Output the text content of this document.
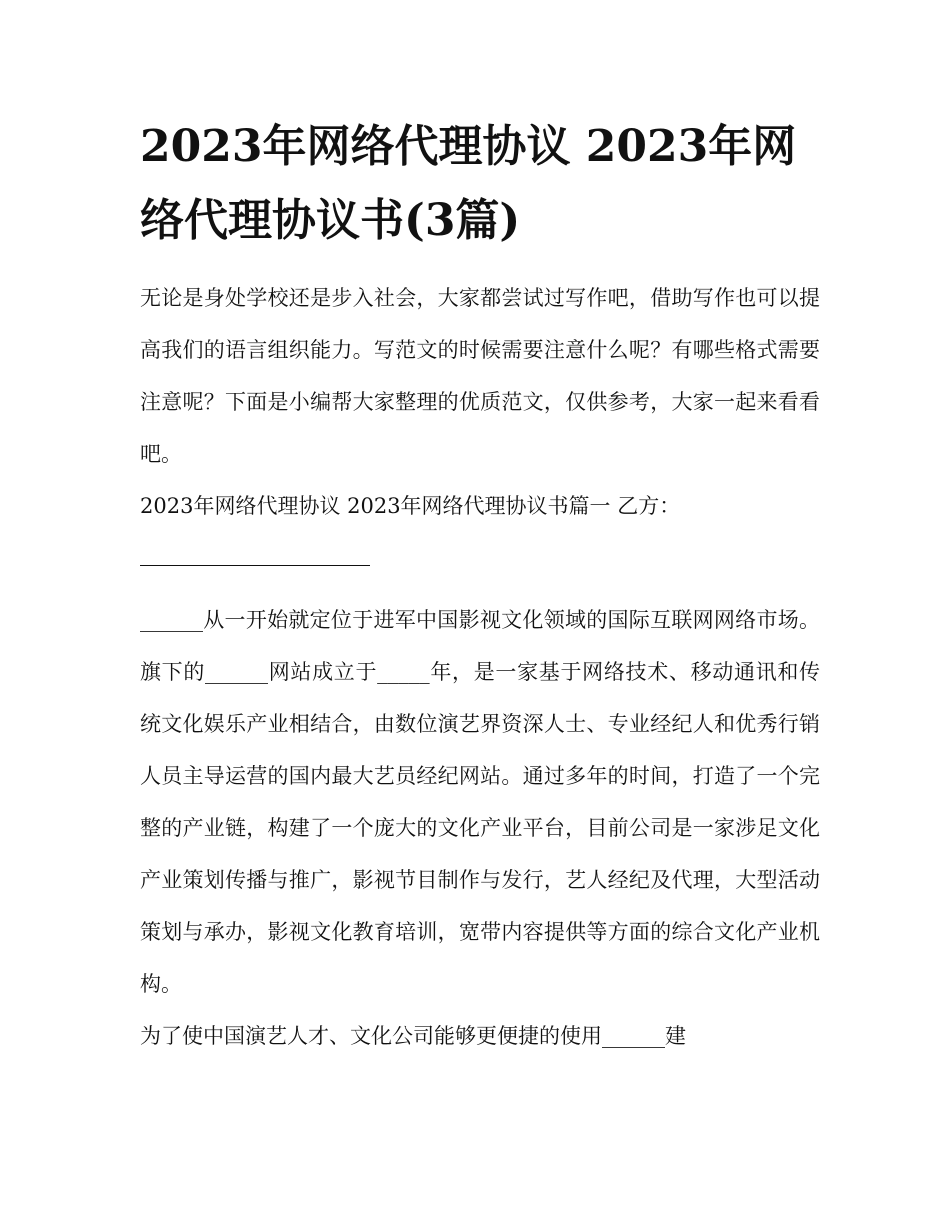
2023年网络代理协议 2023年网络代理协议书(3篇)

无论是身处学校还是步入社会，大家都尝试过写作吧，借助写作也可以提高我们的语言组织能力。写范文的时候需要注意什么呢？有哪些格式需要注意呢？下面是小编帮大家整理的优质范文，仅供参考，大家一起来看看吧。

2023年网络代理协议 2023年网络代理协议书篇一 乙方：

______从一开始就定位于进军中国影视文化领域的国际互联网网络市场。旗下的______网站成立于_____年，是一家基于网络技术、移动通讯和传统文化娱乐产业相结合，由数位演艺界资深人士、专业经纪人和优秀行销人员主导运营的国内最大艺员经纪网站。通过多年的时间，打造了一个完整的产业链，构建了一个庞大的文化产业平台，目前公司是一家涉足文化产业策划传播与推广，影视节目制作与发行，艺人经纪及代理，大型活动策划与承办，影视文化教育培训，宽带内容提供等方面的综合文化产业机构。

为了使中国演艺人才、文化公司能够更便捷的使用______建
